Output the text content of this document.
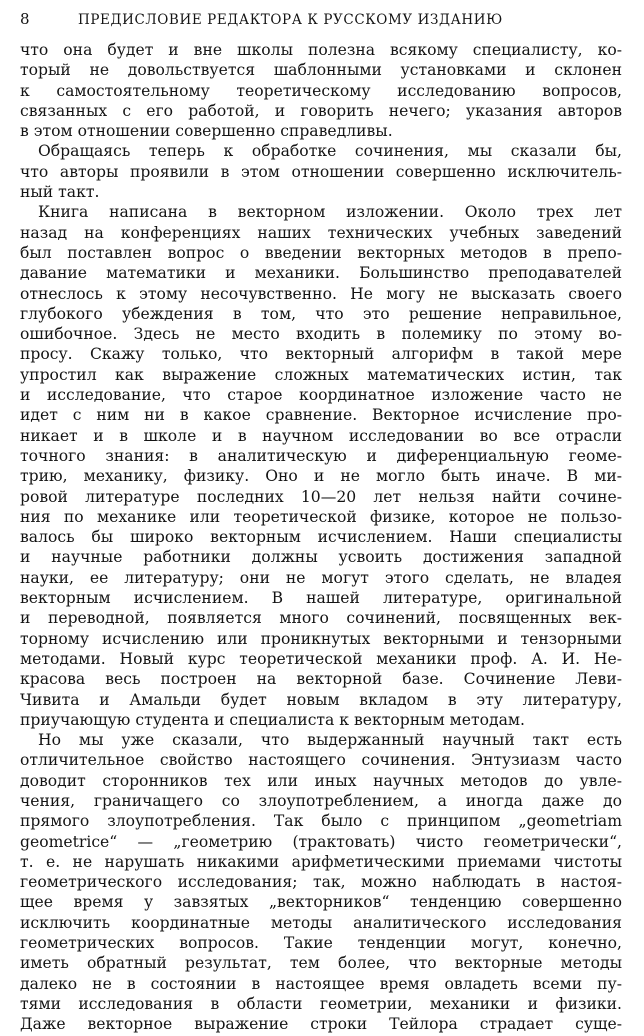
8	ПРЕДИСЛОВИЕ РЕДАКТОРА К РУССКОМУ ИЗДАНИЮ
что она будет и вне школы полезна всякому специалисту, ко-
торый не довольствуется шаблонными установками и склонен
к самостоятельному теоретическому исследованию вопросов,
связанных с его работой, и говорить нечего; указания авторов
в этом отношении совершенно справедливы.
Обращаясь теперь к обработке сочинения, мы сказали бы,
что авторы проявили в этом отношении совершенно исключитель-
ный такт.
Книга написана в векторном изложении. Около трех лет
назад на конференциях наших технических учебных заведений
был поставлен вопрос о введении векторных методов в препо-
давание математики и механики. Большинство преподавателей
отнеслось к этому несочувственно. Не могу не высказать своего
глубокого убеждения в том, что это решение неправильное,
ошибочное. Здесь не место входить в полемику по этому во-
просу. Скажу только, что векторный алгорифм в такой мере
упростил как выражение сложных математических истин, так
и исследование, что старое координатное изложение часто не
идет с ним ни в какое сравнение. Векторное исчисление про-
никает и в школе и в научном исследовании во все отрасли
точного знания: в аналитическую и диференциальную геоме-
трию, механику, физику. Оно и не могло быть иначе. В ми-
ровой литературе последних 10—20 лет нельзя найти сочине-
ния по механике или теоретической физике, которое не пользо-
валось бы широко векторным исчислением. Наши специалисты
и научные работники должны усвоить достижения западной
науки, ее литературу; они не могут этого сделать, не владея
векторным исчислением. В нашей литературе, оригинальной
и переводной, появляется много сочинений, посвященных век-
торному исчислению или проникнутых векторными и тензорными
методами. Новый курс теоретической механики проф. А. И. Не-
красова весь построен на векторной базе. Сочинение Леви-
Чивита и Амальди будет новым вкладом в эту литературу,
приучающую студента и специалиста к векторным методам.
Но мы уже сказали, что выдержанный научный такт есть
отличительное свойство настоящего сочинения. Энтузиазм часто
доводит сторонников тех или иных научных методов до увле-
чения, граничащего со злоупотреблением, а иногда даже до
прямого злоупотребления. Так было с принципом „geometriam
geometrice“ — „геометрию (трактовать) чисто геометрически“,
т. е. не нарушать никакими арифметическими приемами чистоты
геометрического исследования; так, можно наблюдать в настоя-
щее время у завзятых „векторников“ тенденцию совершенно
исключить координатные методы аналитического исследования
геометрических вопросов. Такие тенденции могут, конечно,
иметь обратный результат, тем более, что векторные методы
далеко не в состоянии в настоящее время овладеть всеми пу-
тями исследования в области геометрии, механики и физики.
Даже векторное выражение строки Тейлора страдает суще-
